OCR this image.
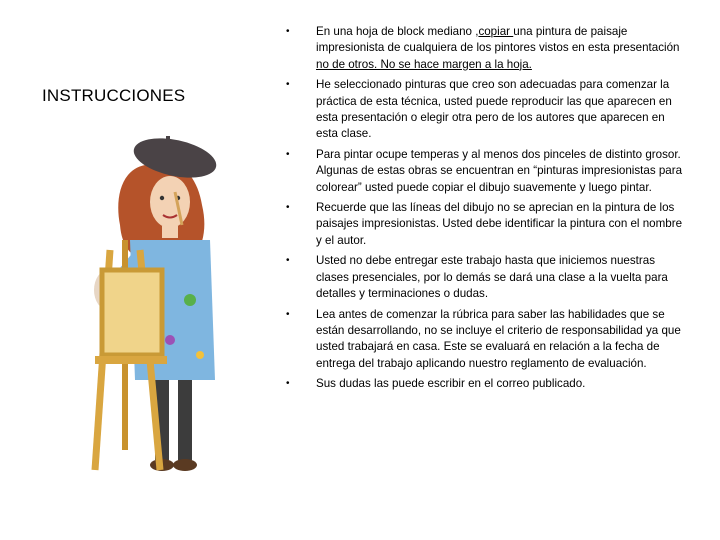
INSTRUCCIONES
• En una hoja de block mediano ,copiar una pintura de paisaje impresionista de cualquiera de los pintores vistos en esta presentación no de otros. No se hace margen a la hoja.
• He seleccionado pinturas que creo son adecuadas para comenzar la práctica de esta técnica, usted puede reproducir las que aparecen en esta presentación o elegir otra pero de los autores que aparecen en esta clase.
• Para pintar ocupe temperas y al menos dos pinceles de distinto grosor. Algunas de estas obras se encuentran en “pinturas impresionistas para colorear” usted puede copiar el dibujo suavemente y luego pintar.
• Recuerde que las líneas del dibujo no se aprecian en la pintura de los paisajes impresionistas. Usted debe identificar la pintura con el nombre y el autor.
• Usted no debe entregar este trabajo hasta que iniciemos nuestras clases presenciales, por lo demás se dará una clase a la vuelta para detalles y terminaciones o dudas.
• Lea antes de comenzar la rúbrica para saber las habilidades que se están desarrollando, no se incluye el criterio de responsabilidad ya que usted trabajará en casa. Este se evaluará en relación a la fecha de entrega del trabajo aplicando nuestro reglamento de evaluación.
• Sus dudas las puede escribir en el correo publicado.
